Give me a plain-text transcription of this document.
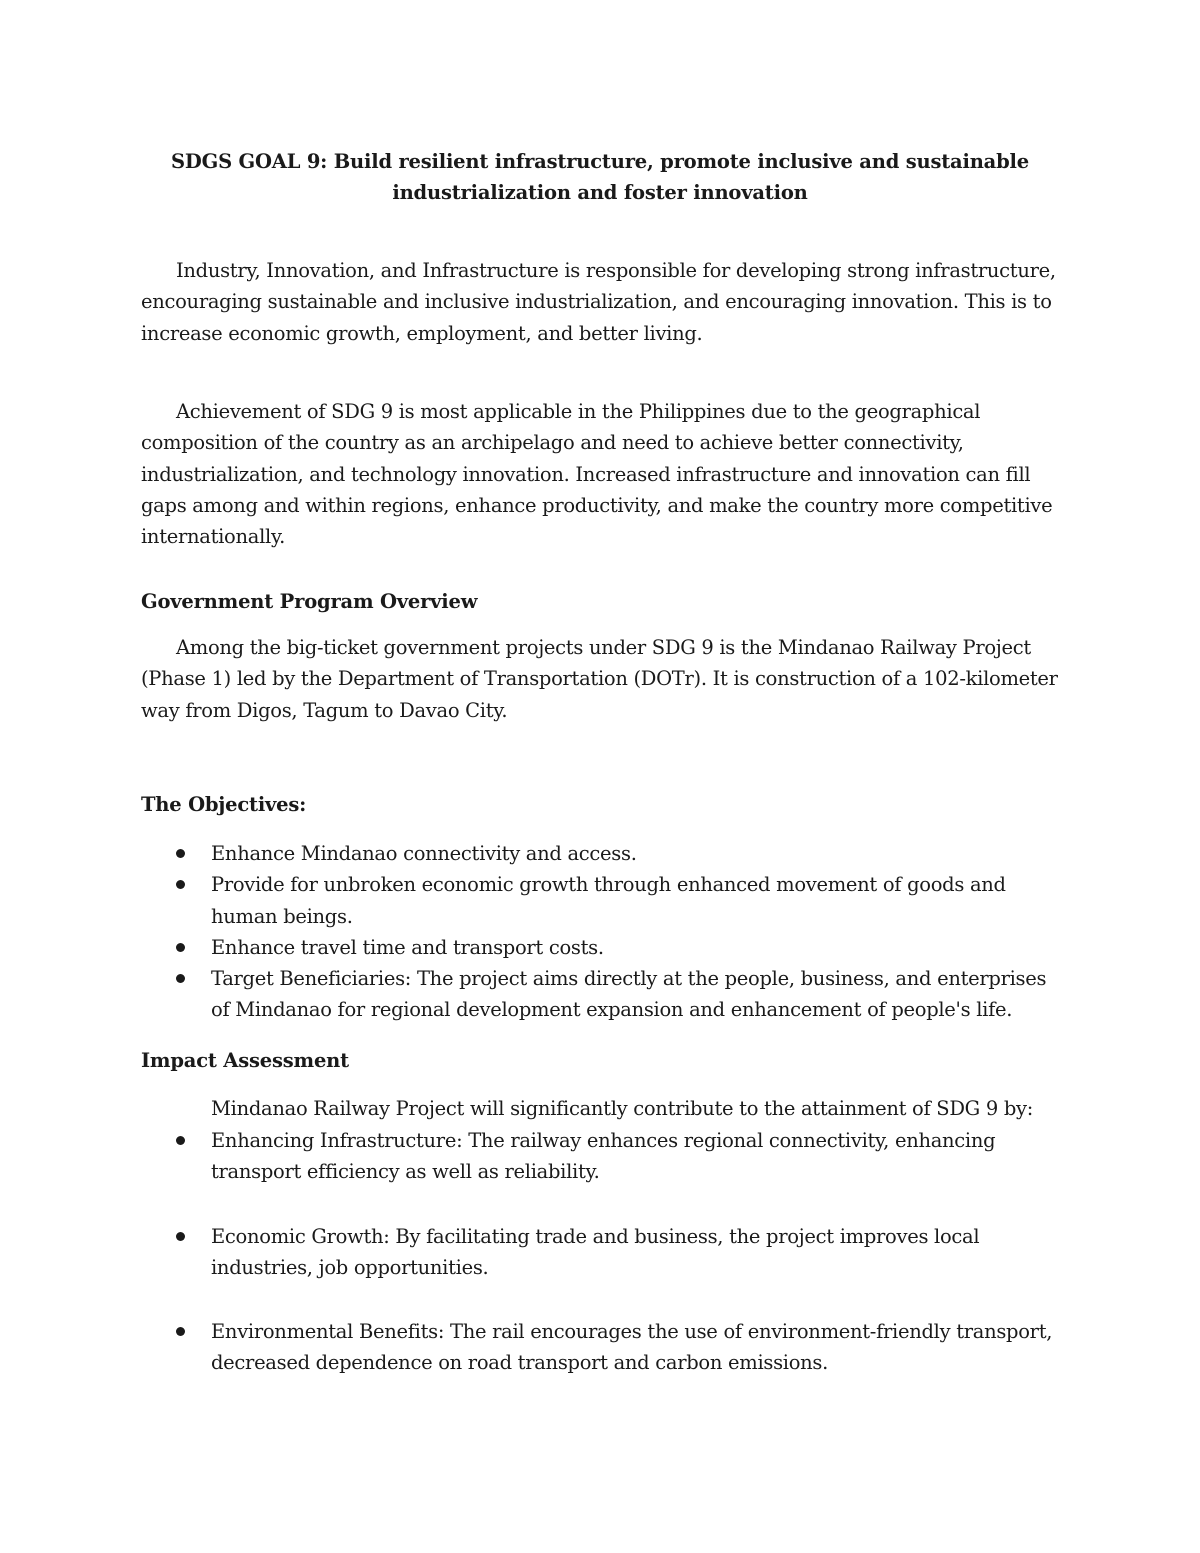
SDGS GOAL 9: Build resilient infrastructure, promote inclusive and sustainable
industrialization and foster innovation

Industry, Innovation, and Infrastructure is responsible for developing strong infrastructure, encouraging sustainable and inclusive industrialization, and encouraging innovation. This is to increase economic growth, employment, and better living.

Achievement of SDG 9 is most applicable in the Philippines due to the geographical composition of the country as an archipelago and need to achieve better connectivity, industrialization, and technology innovation. Increased infrastructure and innovation can fill gaps among and within regions, enhance productivity, and make the country more competitive internationally.

Government Program Overview

Among the big-ticket government projects under SDG 9 is the Mindanao Railway Project (Phase 1) led by the Department of Transportation (DOTr). It is construction of a 102-kilometer way from Digos, Tagum to Davao City.

The Objectives:
Enhance Mindanao connectivity and access.
Provide for unbroken economic growth through enhanced movement of goods and human beings.
Enhance travel time and transport costs.
Target Beneficiaries: The project aims directly at the people, business, and enterprises of Mindanao for regional development expansion and enhancement of people's life.
Impact Assessment

Mindanao Railway Project will significantly contribute to the attainment of SDG 9 by:

Enhancing Infrastructure: The railway enhances regional connectivity, enhancing transport efficiency as well as reliability.
Economic Growth: By facilitating trade and business, the project improves local industries, job opportunities.
Environmental Benefits: The rail encourages the use of environment-friendly transport, decreased dependence on road transport and carbon emissions.
